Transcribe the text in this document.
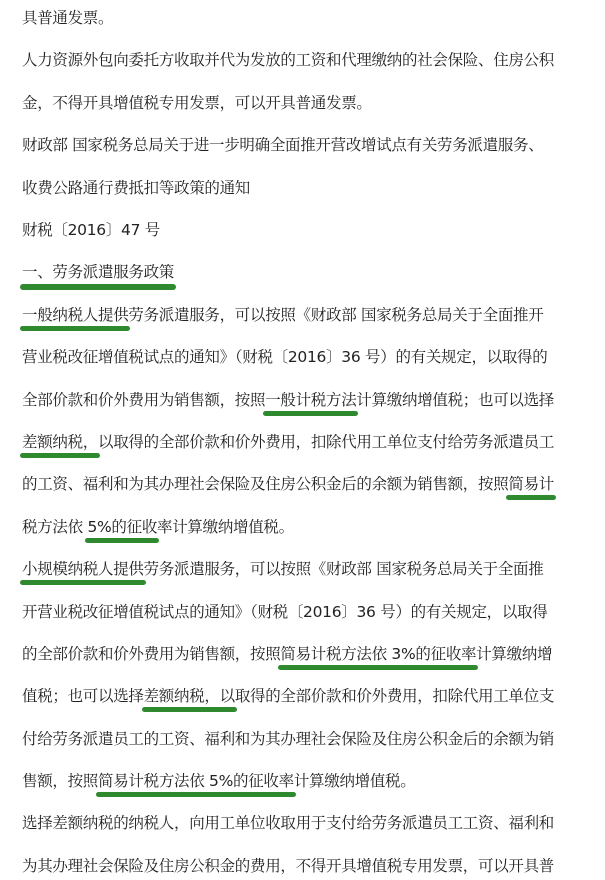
具普通发票。
人力资源外包向委托方收取并代为发放的工资和代理缴纳的社会保险、住房公积
金，不得开具增值税专用发票，可以开具普通发票。
财政部 国家税务总局关于进一步明确全面推开营改增试点有关劳务派遣服务、
收费公路通行费抵扣等政策的通知
财税〔2016〕47 号
一、劳务派遣服务政策
一般纳税人提供劳务派遣服务，可以按照《财政部 国家税务总局关于全面推开
营业税改征增值税试点的通知》（财税〔2016〕36 号）的有关规定，以取得的
全部价款和价外费用为销售额，按照一般计税方法计算缴纳增值税；也可以选择
差额纳税，以取得的全部价款和价外费用，扣除代用工单位支付给劳务派遣员工
的工资、福利和为其办理社会保险及住房公积金后的余额为销售额，按照简易计
税方法依 5%的征收率计算缴纳增值税。
小规模纳税人提供劳务派遣服务，可以按照《财政部 国家税务总局关于全面推
开营业税改征增值税试点的通知》（财税〔2016〕36 号）的有关规定，以取得
的全部价款和价外费用为销售额，按照简易计税方法依 3%的征收率计算缴纳增
值税；也可以选择差额纳税，以取得的全部价款和价外费用，扣除代用工单位支
付给劳务派遣员工的工资、福利和为其办理社会保险及住房公积金后的余额为销
售额，按照简易计税方法依 5%的征收率计算缴纳增值税。
选择差额纳税的纳税人，向用工单位收取用于支付给劳务派遣员工工资、福利和
为其办理社会保险及住房公积金的费用，不得开具增值税专用发票，可以开具普
